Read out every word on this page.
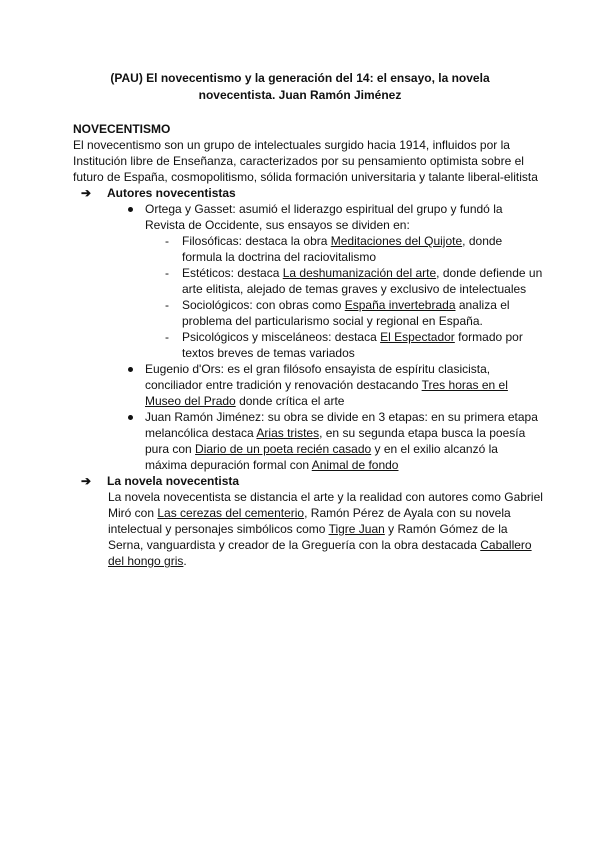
(PAU) El novecentismo y la generación del 14: el ensayo, la novela novecentista. Juan Ramón Jiménez
NOVECENTISMO
El novecentismo son un grupo de intelectuales surgido hacia 1914, influidos por la Institución libre de Enseñanza, caracterizados por su pensamiento optimista sobre el futuro de España, cosmopolitismo, sólida formación universitaria y talante liberal-elitista
➔ Autores novecentistas
Ortega y Gasset: asumió el liderazgo espiritual del grupo y fundó la Revista de Occidente, sus ensayos se dividen en:
- Filosóficas: destaca la obra Meditaciones del Quijote, donde formula la doctrina del raciovitalismo
- Estéticos: destaca La deshumanización del arte, donde defiende un arte elitista, alejado de temas graves y exclusivo de intelectuales
- Sociológicos: con obras como España invertebrada analiza el problema del particularismo social y regional en España.
- Psicológicos y misceláneos: destaca El Espectador formado por textos breves de temas variados
Eugenio d'Ors: es el gran filósofo ensayista de espíritu clasicista, conciliador entre tradición y renovación destacando Tres horas en el Museo del Prado donde crítica el arte
Juan Ramón Jiménez: su obra se divide en 3 etapas: en su primera etapa melancólica destaca Arias tristes, en su segunda etapa busca la poesía pura con Diario de un poeta recién casado y en el exilio alcanzó la máxima depuración formal con Animal de fondo
➔ La novela novecentista
La novela novecentista se distancia el arte y la realidad con autores como Gabriel Miró con Las cerezas del cementerio, Ramón Pérez de Ayala con su novela intelectual y personajes simbólicos como Tigre Juan y Ramón Gómez de la Serna, vanguardista y creador de la Greguería con la obra destacada Caballero del hongo gris.
